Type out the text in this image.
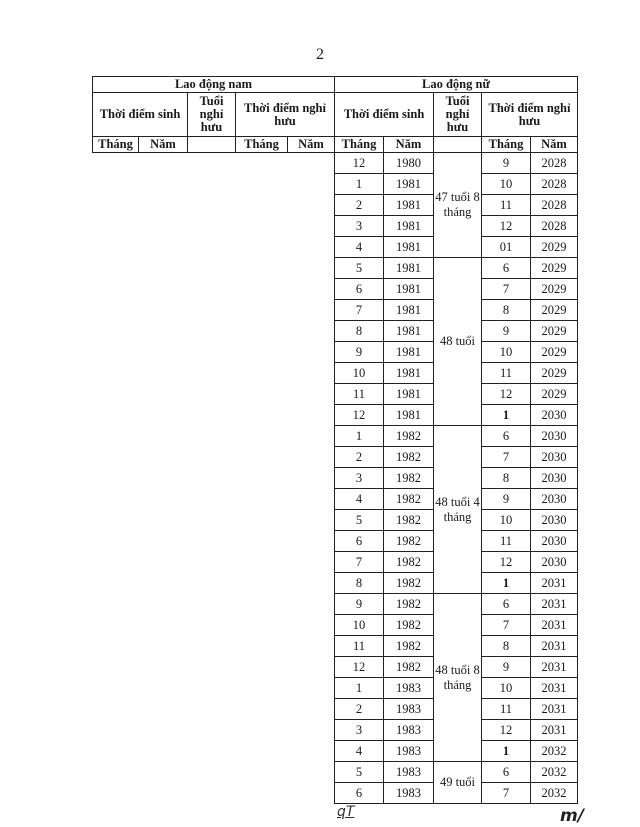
2
Lao động nam					Lao động nữ				
Thời điểm sinh		Tuổi nghỉ hưu	Thời điểm nghỉ hưu		Thời điểm sinh		Tuổi nghỉ hưu	Thời điểm nghỉ hưu	
Tháng	Năm		Tháng	Năm	Tháng	Năm		Tháng	Năm
					12	1980	47 tuổi 8 tháng	9	2028
					1	1981		10	2028
					2	1981		11	2028
					3	1981		12	2028
					4	1981		01	2029
					5	1981	48 tuổi	6	2029
					6	1981		7	2029
					7	1981		8	2029
					8	1981		9	2029
					9	1981		10	2029
					10	1981		11	2029
					11	1981		12	2029
					12	1981		1	2030
					1	1982	48 tuổi 4 tháng	6	2030
					2	1982		7	2030
					3	1982		8	2030
					4	1982		9	2030
					5	1982		10	2030
					6	1982		11	2030
					7	1982		12	2030
					8	1982		1	2031
					9	1982	48 tuổi 8 tháng	6	2031
					10	1982		7	2031
					11	1982		8	2031
					12	1982		9	2031
					1	1983		10	2031
					2	1983		11	2031
					3	1983		12	2031
					4	1983		1	2032
					5	1983	49 tuổi	6	2032
					6	1983		7	2032
qT	m/
